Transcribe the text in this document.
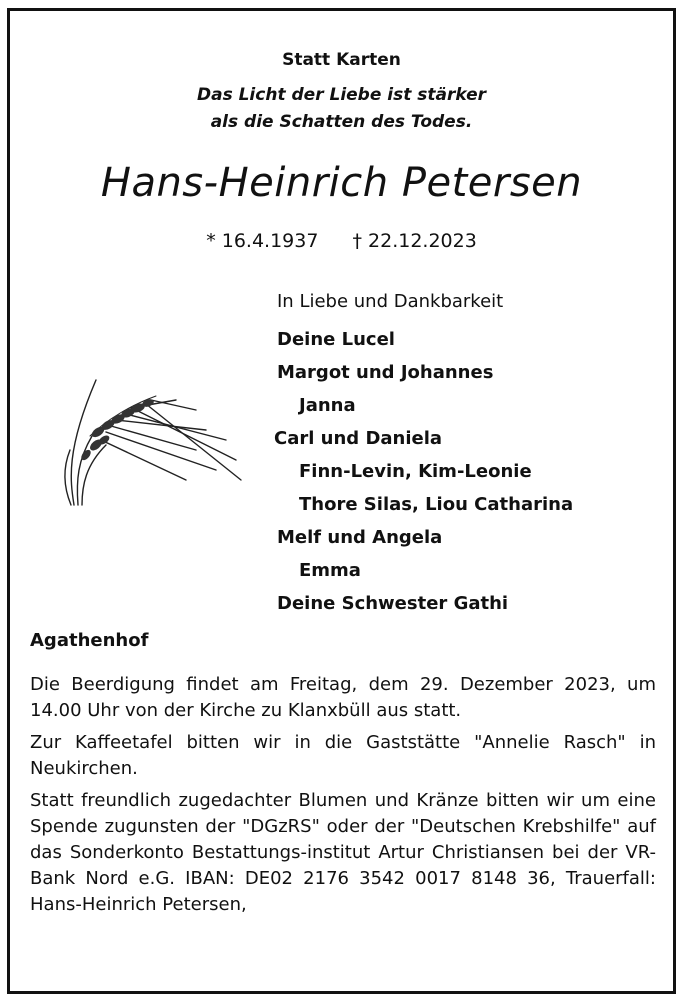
Statt Karten
Das Licht der Liebe ist stärker
als die Schatten des Todes.
Hans-Heinrich Petersen
* 16.4.1937 † 22.12.2023
In Liebe und Dankbarkeit
Deine Lucel
Margot und Johannes
Janna
Carl und Daniela
Finn-Levin, Kim-Leonie
Thore Silas, Liou Catharina
Melf und Angela
Emma
Deine Schwester Gathi
Agathenhof

Die Beerdigung findet am Freitag, dem 29. Dezember 2023, um 14.00 Uhr von der Kirche zu Klanxbüll aus statt.

Zur Kaffeetafel bitten wir in die Gaststätte "Annelie Rasch" in Neukirchen.

Statt freundlich zugedachter Blumen und Kränze bitten wir um eine Spende zugunsten der "DGzRS" oder der "Deutschen Krebshilfe" auf das Sonderkonto Bestattungs-institut Artur Christiansen bei der VR-Bank Nord e.G. IBAN: DE02 2176 3542 0017 8148 36, Trauerfall: Hans-Heinrich Petersen,
